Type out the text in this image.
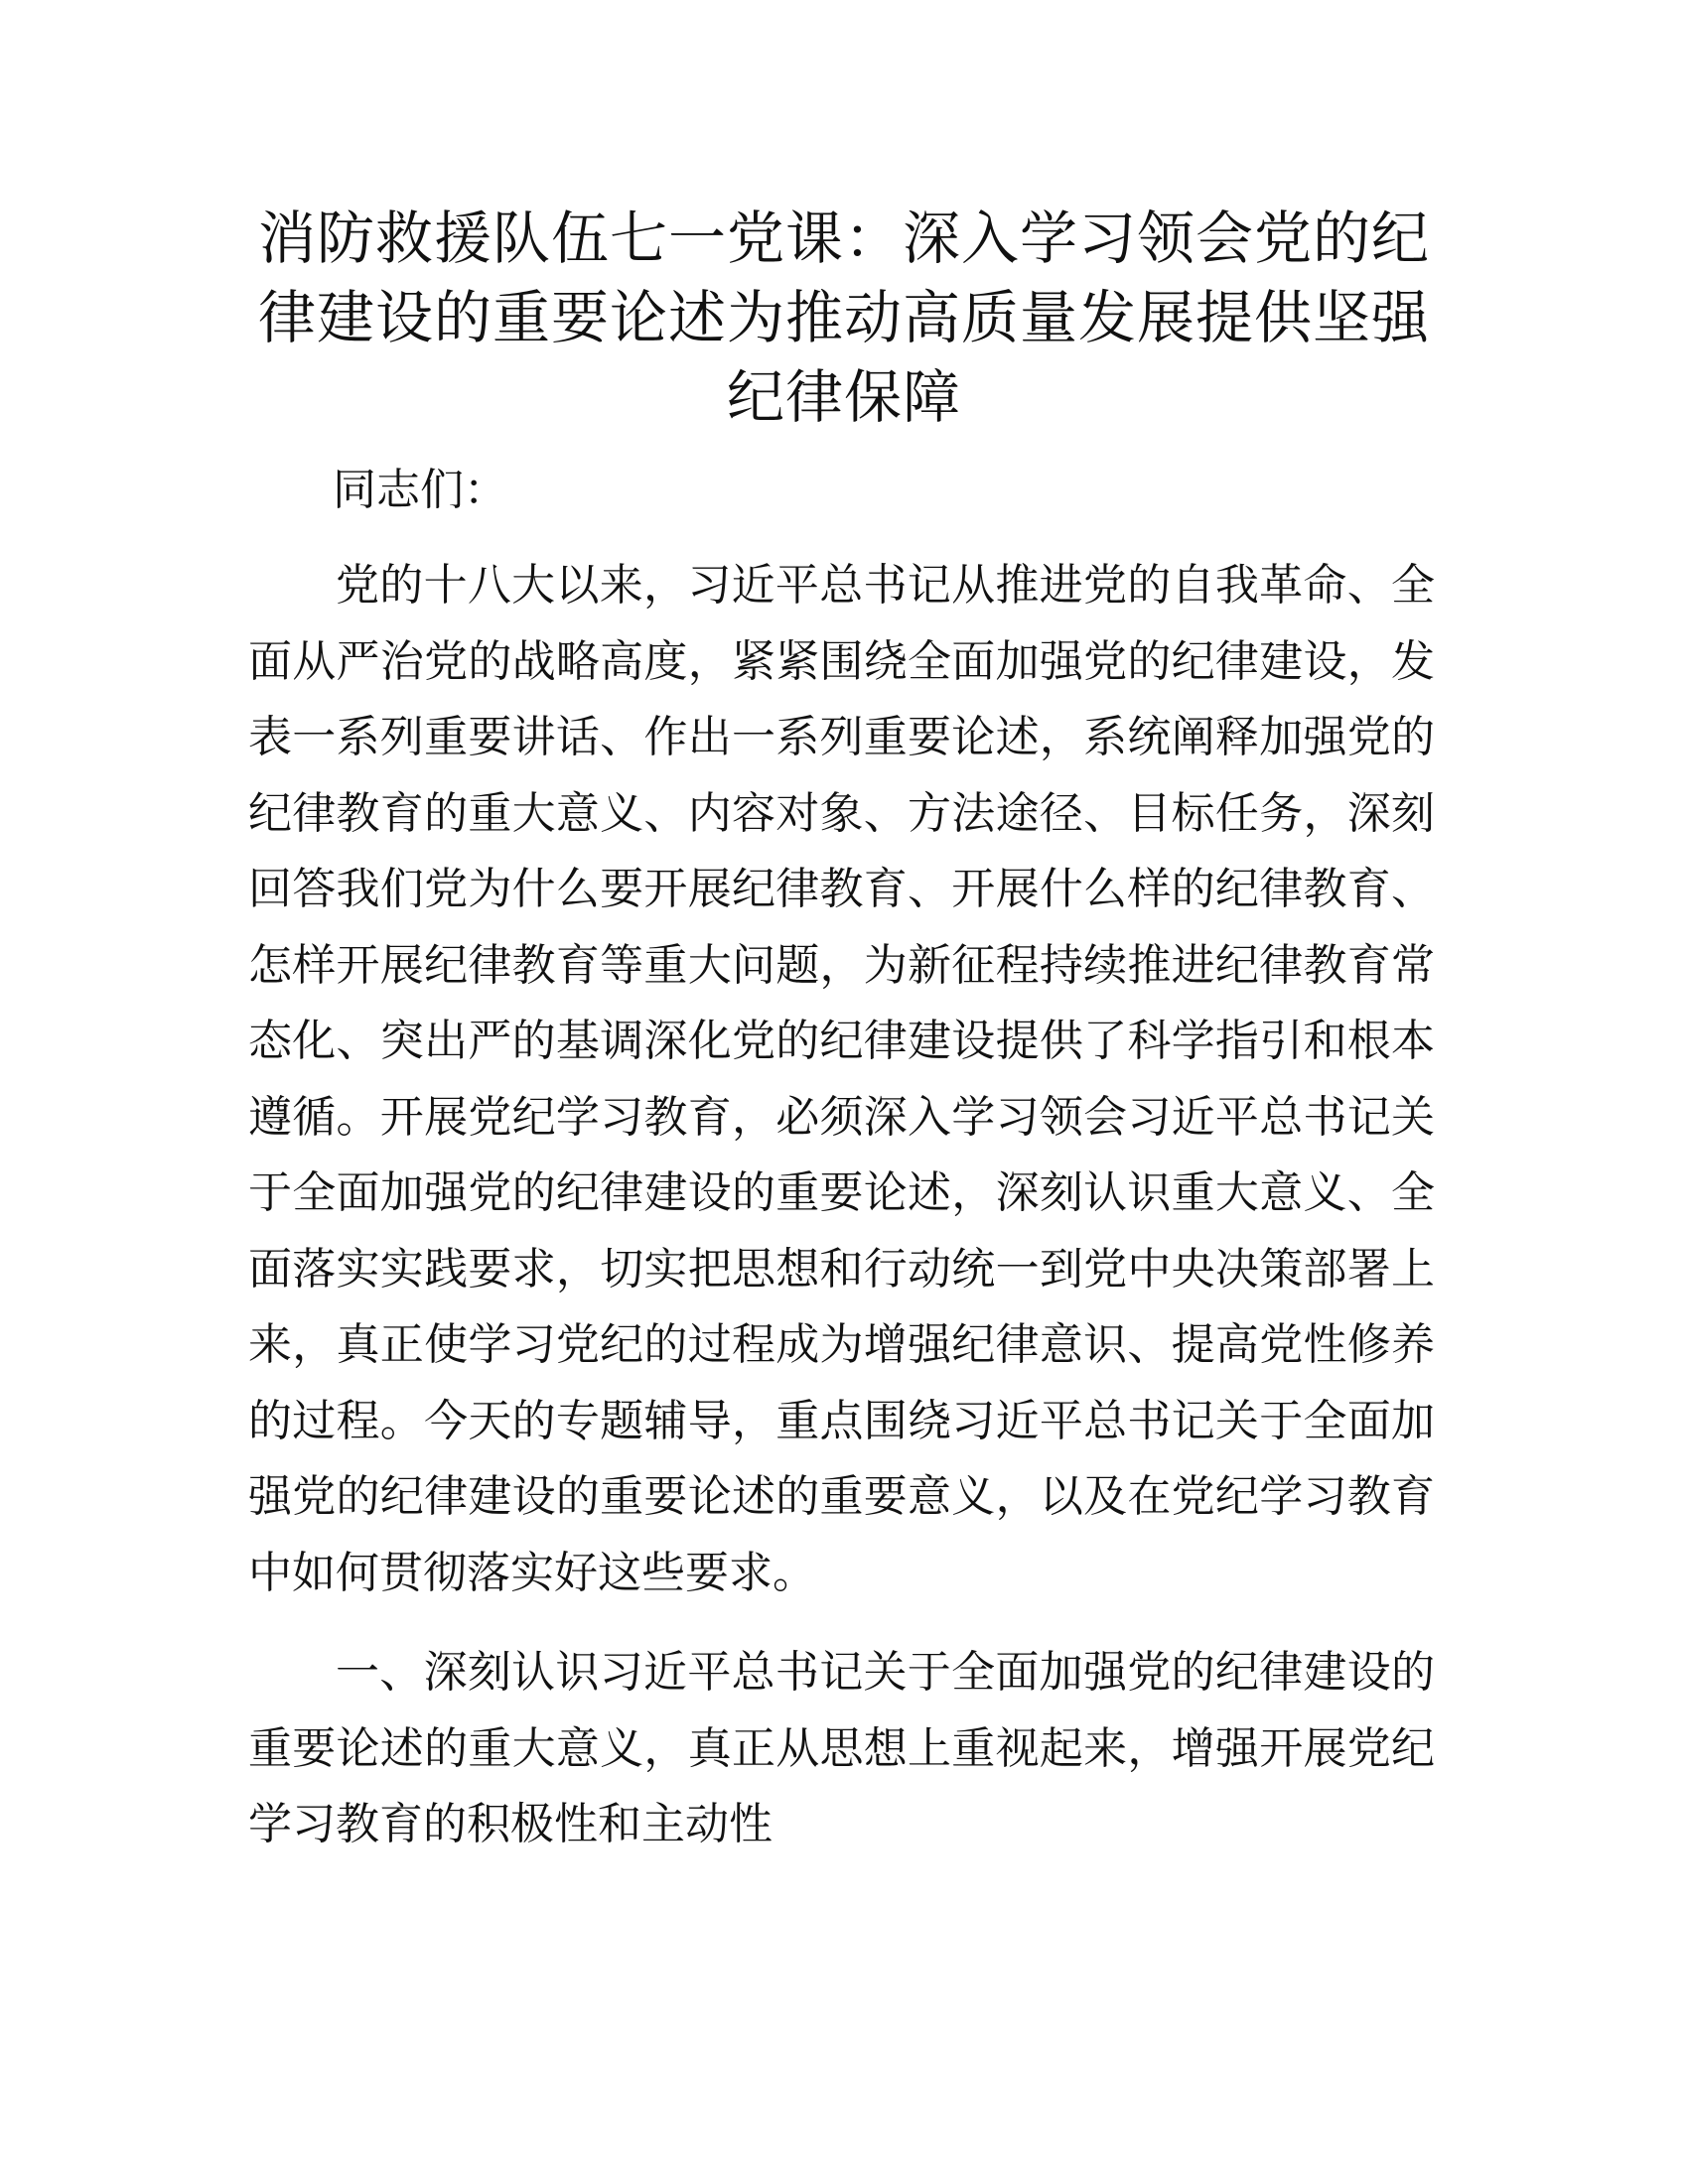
消防救援队伍七一党课：深入学习领会党的纪律建设的重要论述为推动高质量发展提供坚强纪律保障

同志们：

党的十八大以来，习近平总书记从推进党的自我革命、全面从严治党的战略高度，紧紧围绕全面加强党的纪律建设，发表一系列重要讲话、作出一系列重要论述，系统阐释加强党的纪律教育的重大意义、内容对象、方法途径、目标任务，深刻回答我们党为什么要开展纪律教育、开展什么样的纪律教育、怎样开展纪律教育等重大问题，为新征程持续推进纪律教育常态化、突出严的基调深化党的纪律建设提供了科学指引和根本遵循。开展党纪学习教育，必须深入学习领会习近平总书记关于全面加强党的纪律建设的重要论述，深刻认识重大意义、全面落实实践要求，切实把思想和行动统一到党中央决策部署上来，真正使学习党纪的过程成为增强纪律意识、提高党性修养的过程。今天的专题辅导，重点围绕习近平总书记关于全面加强党的纪律建设的重要论述的重要意义，以及在党纪学习教育中如何贯彻落实好这些要求。

一、深刻认识习近平总书记关于全面加强党的纪律建设的重要论述的重大意义，真正从思想上重视起来，增强开展党纪学习教育的积极性和主动性
